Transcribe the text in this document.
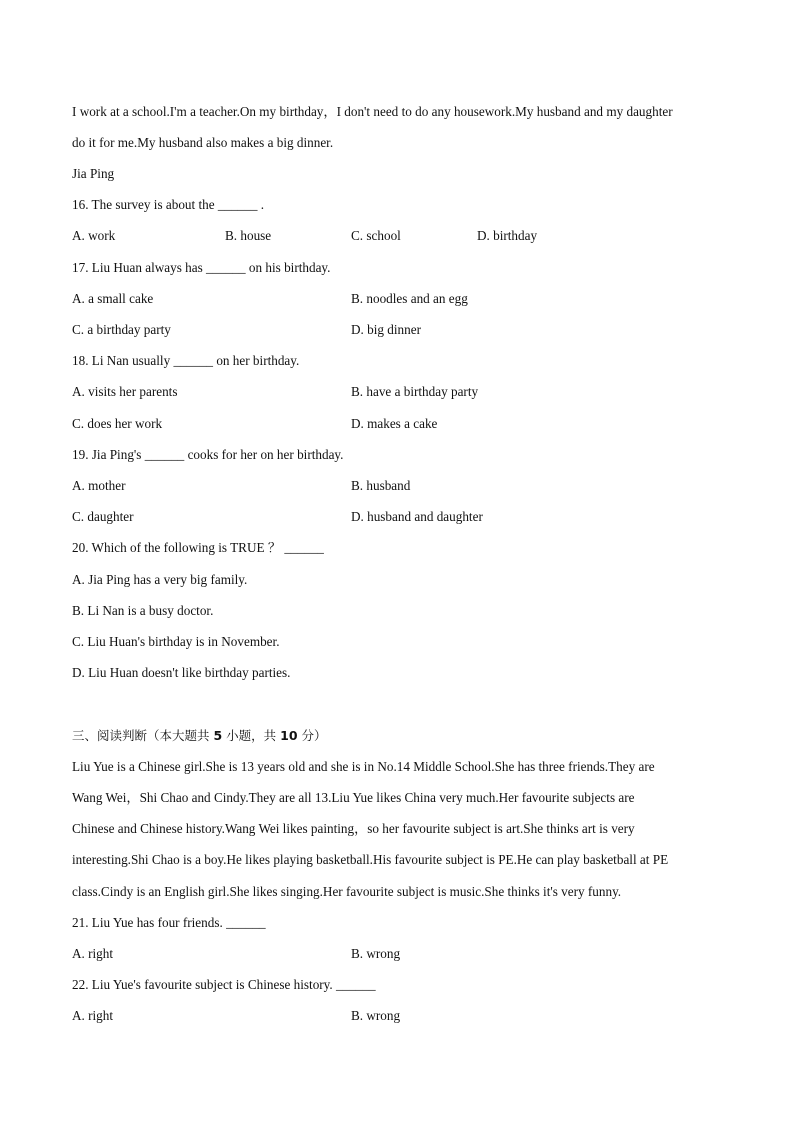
I work at a school.I'm a teacher.On my birthday，I don't need to do any housework.My husband and my daughter
do it for me.My husband also makes a big dinner.
Jia Ping
16. The survey is about the ______ .
A. work	B. house	C. school	D. birthday
17. Liu Huan always has ______ on his birthday.
A. a small cake	B. noodles and an egg
C. a birthday party	D. big dinner
18. Li Nan usually ______ on her birthday.
A. visits her parents	B. have a birthday party
C. does her work	D. makes a cake
19. Jia Ping's ______ cooks for her on her birthday.
A. mother	B. husband
C. daughter	D. husband and daughter
20. Which of the following is TRUE ？ ______
A. Jia Ping has a very big family.
B. Li Nan is a busy doctor.
C. Liu Huan's birthday is in November.
D. Liu Huan doesn't like birthday parties.
三、阅读判断（本大题共 5 小题，共 10 分）
Liu Yue is a Chinese girl.She is 13 years old and she is in No.14 Middle School.She has three friends.They are
Wang Wei，Shi Chao and Cindy.They are all 13.Liu Yue likes China very much.Her favourite subjects are
Chinese and Chinese history.Wang Wei likes painting，so her favourite subject is art.She thinks art is very
interesting.Shi Chao is a boy.He likes playing basketball.His favourite subject is PE.He can play basketball at PE
class.Cindy is an English girl.She likes singing.Her favourite subject is music.She thinks it's very funny.
21. Liu Yue has four friends. ______
A. right	B. wrong
22. Liu Yue's favourite subject is Chinese history. ______
A. right	B. wrong
